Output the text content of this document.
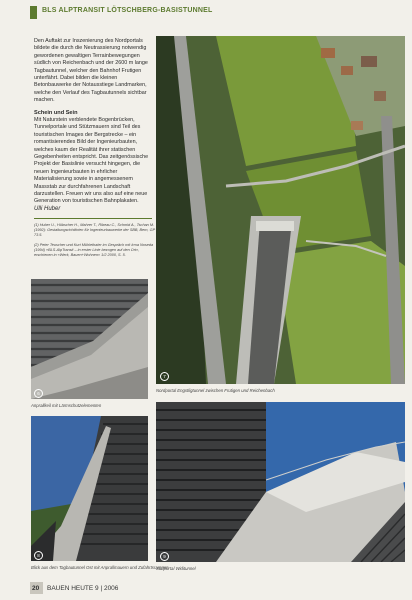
BLS ALPTRANSIT LÖTSCHBERG-BASISTUNNEL
Den Auftakt zur Inszenierung des Nordportals bildete die durch die Neutrassierung notwendig gewordenen gewaltigen Terrainbewegungen südlich von Reichenbach und der 2600 m lange Tagbautunnel, welcher den Bahnhof Frutigen unterfährt. Dabei bilden die kleinen Betonbauwerke der Notausstiege Landmarken, welche den Verlauf des Tagbautunnels sichtbar machen.
Schein und Sein
Mit Naturstein verblendete Bogenbrücken, Tunnelportale und Stützmauern sind Teil des touristischen Images der Bergstrecke – ein romantisierendes Bild der Ingenieurbauten, welches kaum der Realität ihrer statischen Gegebenheiten entspricht. Das zeitgenössische Projekt der Basislinie versucht hingegen, die neuen Ingenieurbauten in ehrlicher Materialisierung sowie in angemessenem Massstab zur durchfahrenen Landschaft darzustellen. Freuen wir uns also auf eine neue Generation von touristischen Bahnplakaten.
Ulli Huber
(1) Huber U., Hübscher H., Mahrer T., Ribeau C., Schmid A., Tschan M. (1992): Gestaltungsrichtlinien für Ingenieurbauwerke der SBB, Bern, GP 73.5.
(2) Peter Teuscher und Kurt Mühlethaler im Gespräch mit Irma Noseda (1994) «BLS-AlpTransit – in erster Linie bezogen auf den Ort», erschienen in «Werk, Bauen+Wohnen» 1/2 2000, S. 5.
6
Anprallkeil mit Lärmschutzelementen
7
Nordportal Engstligtunnel zwischen Frutigen und Reichenbach
8
Blick aus dem Tagbautunnel Ost mit Anprallmauern und Zufahrtsrampen
9
Südportal Widitunnel
20 BAUEN HEUTE 9 | 2006
